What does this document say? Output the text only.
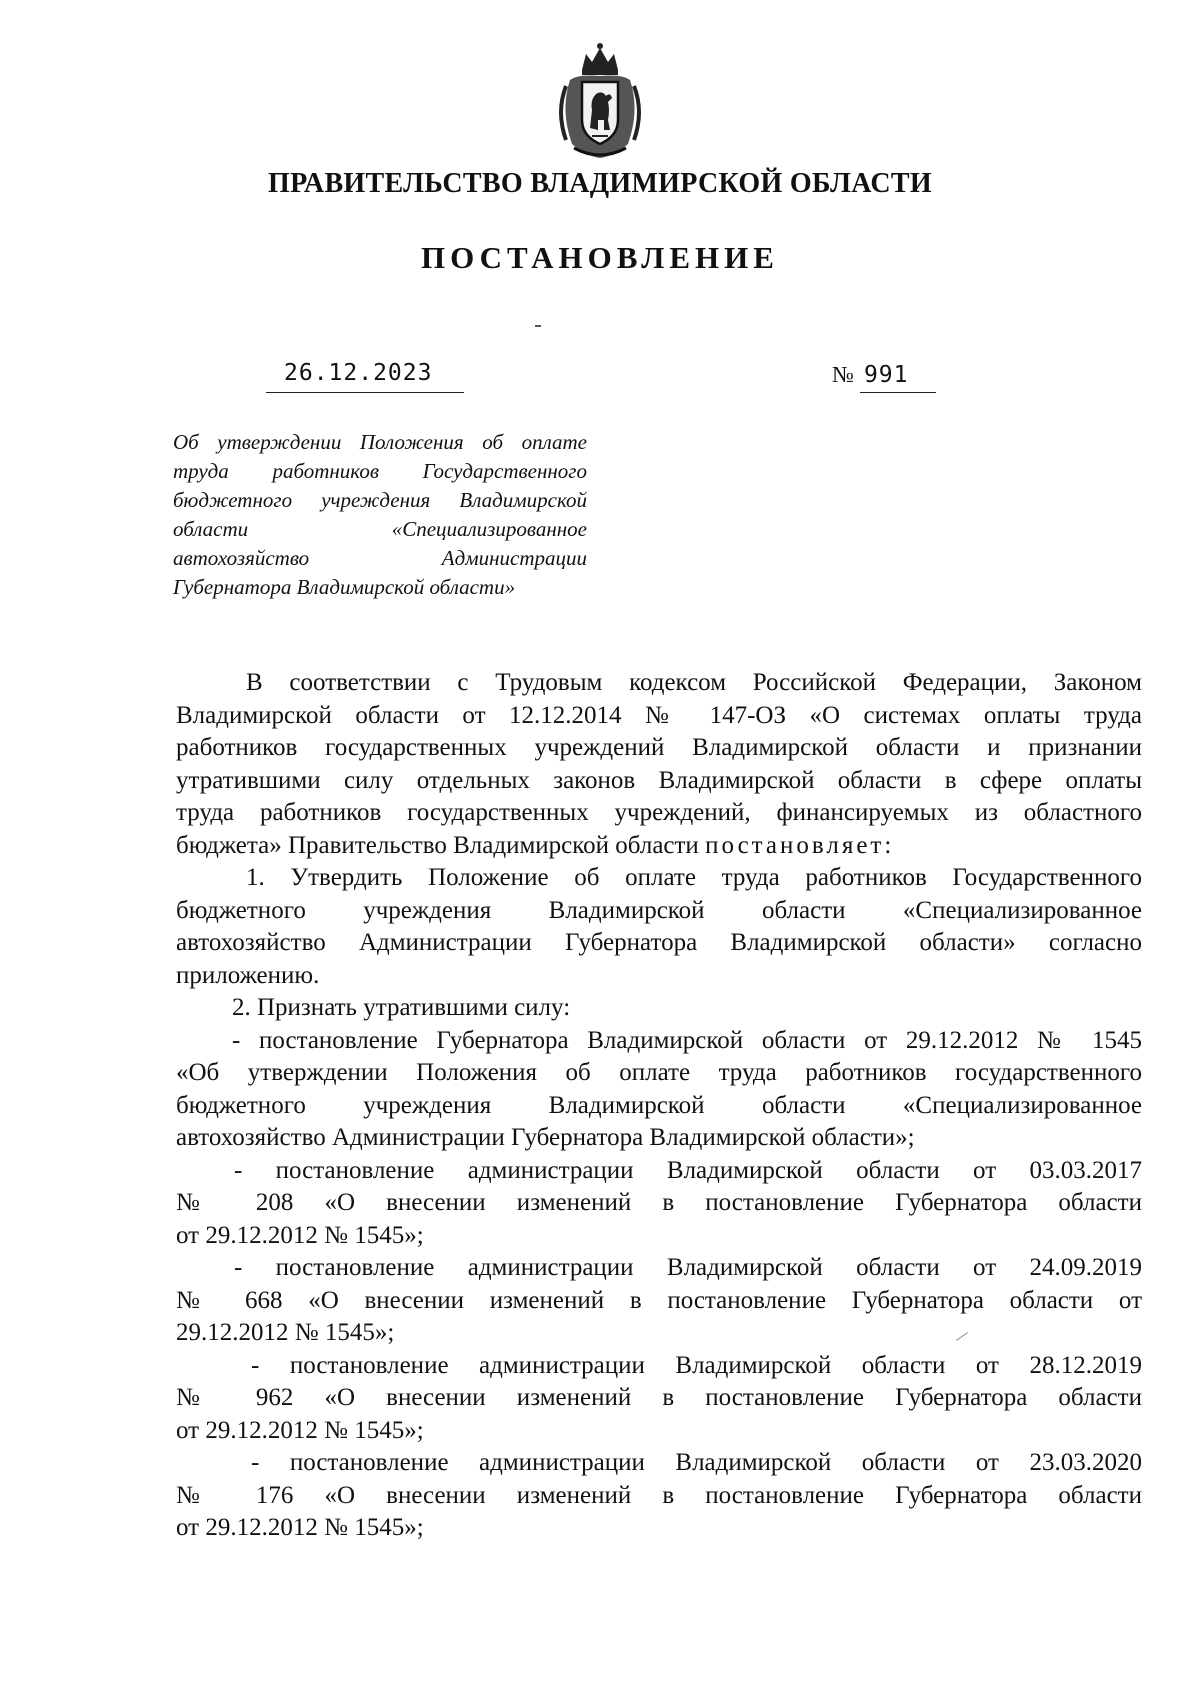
ПРАВИТЕЛЬСТВО ВЛАДИМИРСКОЙ ОБЛАСТИ
ПОСТАНОВЛЕНИЕ
26.12.2023	№ 991
Об утверждении Положения об оплате
труда работников Государственного
бюджетного учреждения Владимирской
области «Специализированное
автохозяйство Администрации
Губернатора Владимирской области»
В соответствии с Трудовым кодексом Российской Федерации, Законом
Владимирской области от 12.12.2014 № 147-ОЗ «О системах оплаты труда
работников государственных учреждений Владимирской области и признании
утратившими силу отдельных законов Владимирской области в сфере оплаты
труда работников государственных учреждений, финансируемых из областного
бюджета» Правительство Владимирской области постановляет:
1. Утвердить Положение об оплате труда работников Государственного
бюджетного учреждения Владимирской области «Специализированное
автохозяйство Администрации Губернатора Владимирской области» согласно
приложению.
2. Признать утратившими силу:
- постановление Губернатора Владимирской области от 29.12.2012 № 1545
«Об утверждении Положения об оплате труда работников государственного
бюджетного учреждения Владимирской области «Специализированное
автохозяйство Администрации Губернатора Владимирской области»;
- постановление администрации Владимирской области от 03.03.2017
№ 208 «О внесении изменений в постановление Губернатора области
от 29.12.2012 № 1545»;
- постановление администрации Владимирской области от 24.09.2019
№ 668 «О внесении изменений в постановление Губернатора области от
29.12.2012 № 1545»;
- постановление администрации Владимирской области от 28.12.2019
№ 962 «О внесении изменений в постановление Губернатора области
от 29.12.2012 № 1545»;
- постановление администрации Владимирской области от 23.03.2020
№ 176 «О внесении изменений в постановление Губернатора области
от 29.12.2012 № 1545»;
